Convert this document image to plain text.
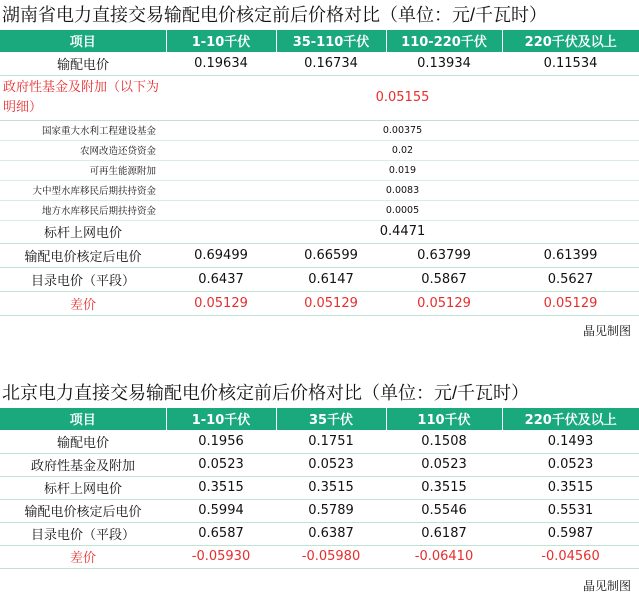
湖南省电力直接交易输配电价核定前后价格对比（单位：元/千瓦时）
项目	1-10千伏	35-110千伏	110-220千伏	220千伏及以上
输配电价	0.19634	0.16734	0.13934	0.11534
政府性基金及附加（以下为明细）	0.05155			
国家重大水利工程建设基金	0.00375			
农网改造还贷资金	0.02			
可再生能源附加	0.019			
大中型水库移民后期扶持资金	0.0083			
地方水库移民后期扶持资金	0.0005			
标杆上网电价	0.4471			
输配电价核定后电价	0.69499	0.66599	0.63799	0.61399
目录电价（平段）	0.6437	0.6147	0.5867	0.5627
差价	0.05129	0.05129	0.05129	0.05129
晶见制图
北京电力直接交易输配电价核定前后价格对比（单位：元/千瓦时）
项目	1-10千伏	35千伏	110千伏	220千伏及以上
输配电价	0.1956	0.1751	0.1508	0.1493
政府性基金及附加	0.0523	0.0523	0.0523	0.0523
标杆上网电价	0.3515	0.3515	0.3515	0.3515
输配电价核定后电价	0.5994	0.5789	0.5546	0.5531
目录电价（平段）	0.6587	0.6387	0.6187	0.5987
差价	-0.05930	-0.05980	-0.06410	-0.04560
晶见制图
